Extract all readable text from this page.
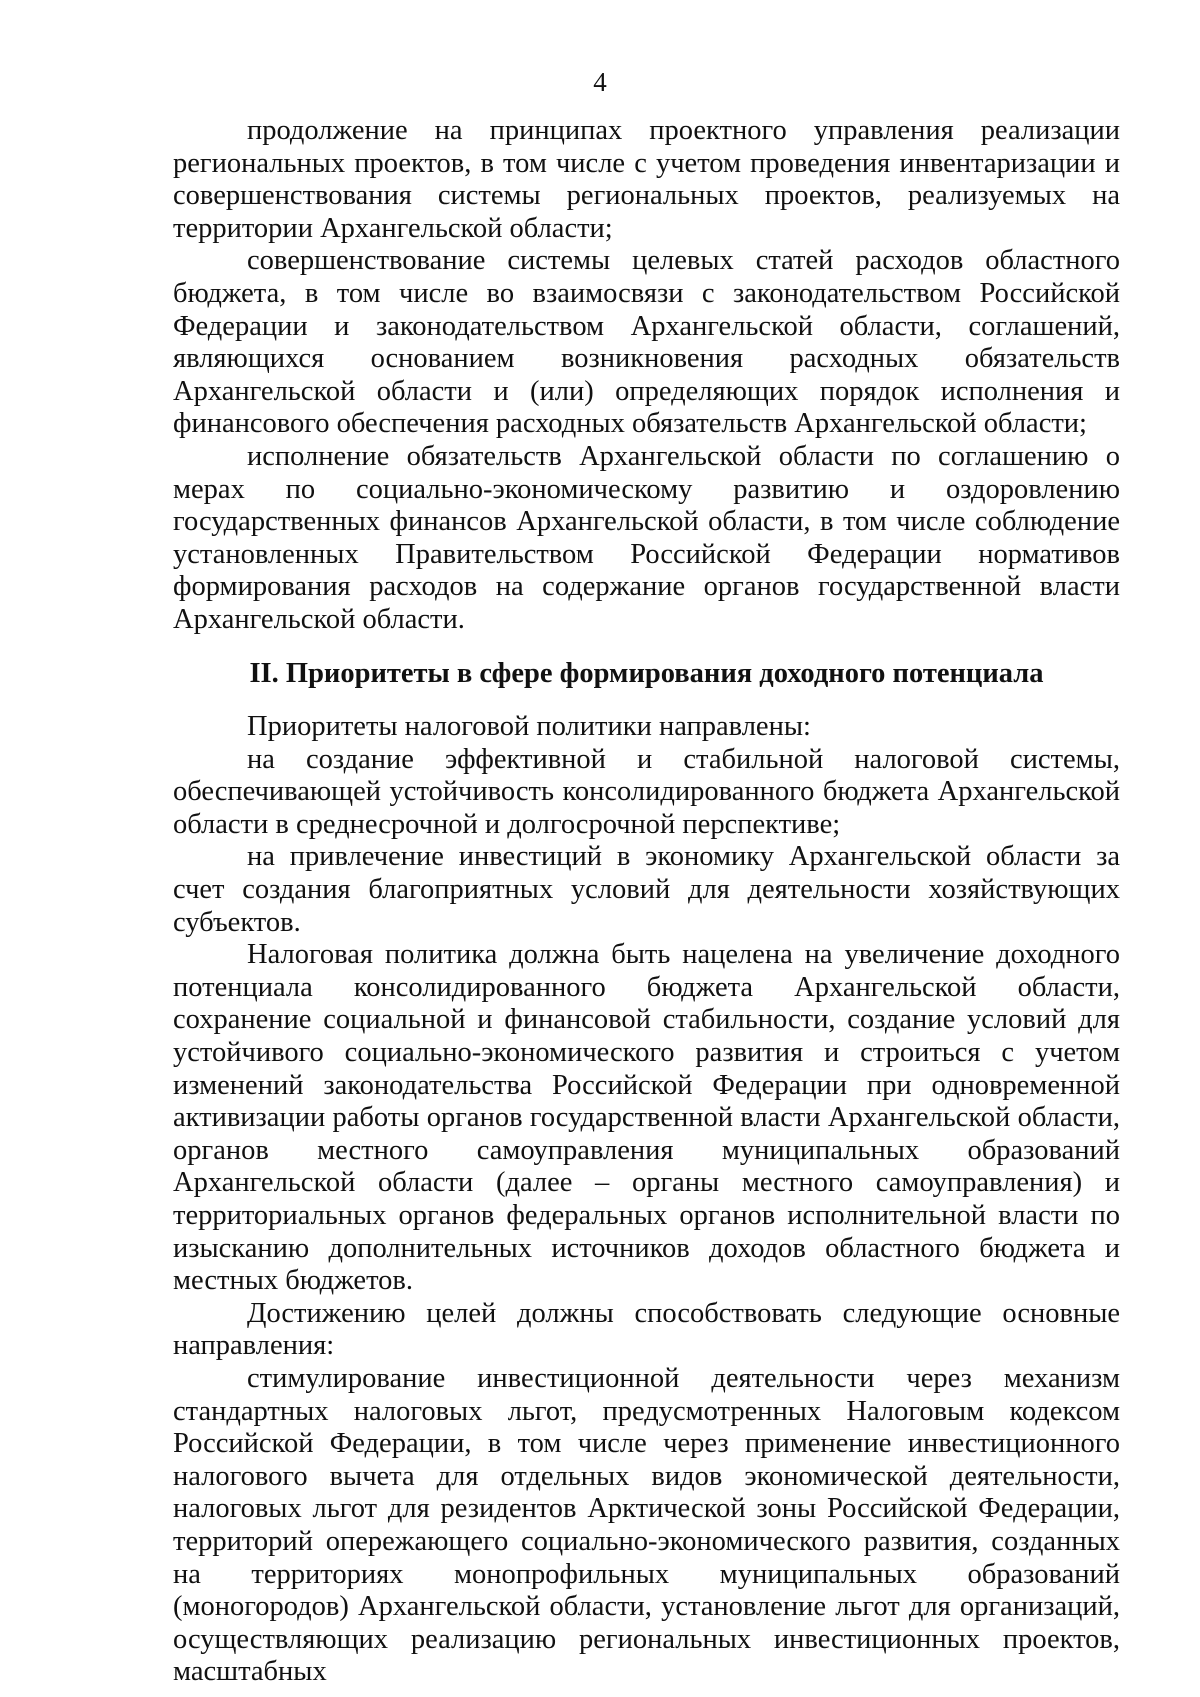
4

продолжение на принципах проектного управления реализации региональных проектов, в том числе с учетом проведения инвентаризации и совершенствования системы региональных проектов, реализуемых на территории Архангельской области;

совершенствование системы целевых статей расходов областного бюджета, в том числе во взаимосвязи с законодательством Российской Федерации и законодательством Архангельской области, соглашений, являющихся основанием возникновения расходных обязательств Архангельской области и (или) определяющих порядок исполнения и финансового обеспечения расходных обязательств Архангельской области;

исполнение обязательств Архангельской области по соглашению о мерах по социально-экономическому развитию и оздоровлению государственных финансов Архангельской области, в том числе соблюдение установленных Правительством Российской Федерации нормативов формирования расходов на содержание органов государственной власти Архангельской области.

II. Приоритеты в сфере формирования доходного потенциала

Приоритеты налоговой политики направлены:

на создание эффективной и стабильной налоговой системы, обеспечивающей устойчивость консолидированного бюджета Архангельской области в среднесрочной и долгосрочной перспективе;

на привлечение инвестиций в экономику Архангельской области за счет создания благоприятных условий для деятельности хозяйствующих субъектов.

Налоговая политика должна быть нацелена на увеличение доходного потенциала консолидированного бюджета Архангельской области, сохранение социальной и финансовой стабильности, создание условий для устойчивого социально-экономического развития и строиться с учетом изменений законодательства Российской Федерации при одновременной активизации работы органов государственной власти Архангельской области, органов местного самоуправления муниципальных образований Архангельской области (далее – органы местного самоуправления) и территориальных органов федеральных органов исполнительной власти по изысканию дополнительных источников доходов областного бюджета и местных бюджетов.

Достижению целей должны способствовать следующие основные направления:

стимулирование инвестиционной деятельности через механизм стандартных налоговых льгот, предусмотренных Налоговым кодексом Российской Федерации, в том числе через применение инвестиционного налогового вычета для отдельных видов экономической деятельности, налоговых льгот для резидентов Арктической зоны Российской Федерации, территорий опережающего социально-экономического развития, созданных на территориях монопрофильных муниципальных образований (моногородов) Архангельской области, установление льгот для организаций, осуществляющих реализацию региональных инвестиционных проектов, масштабных
